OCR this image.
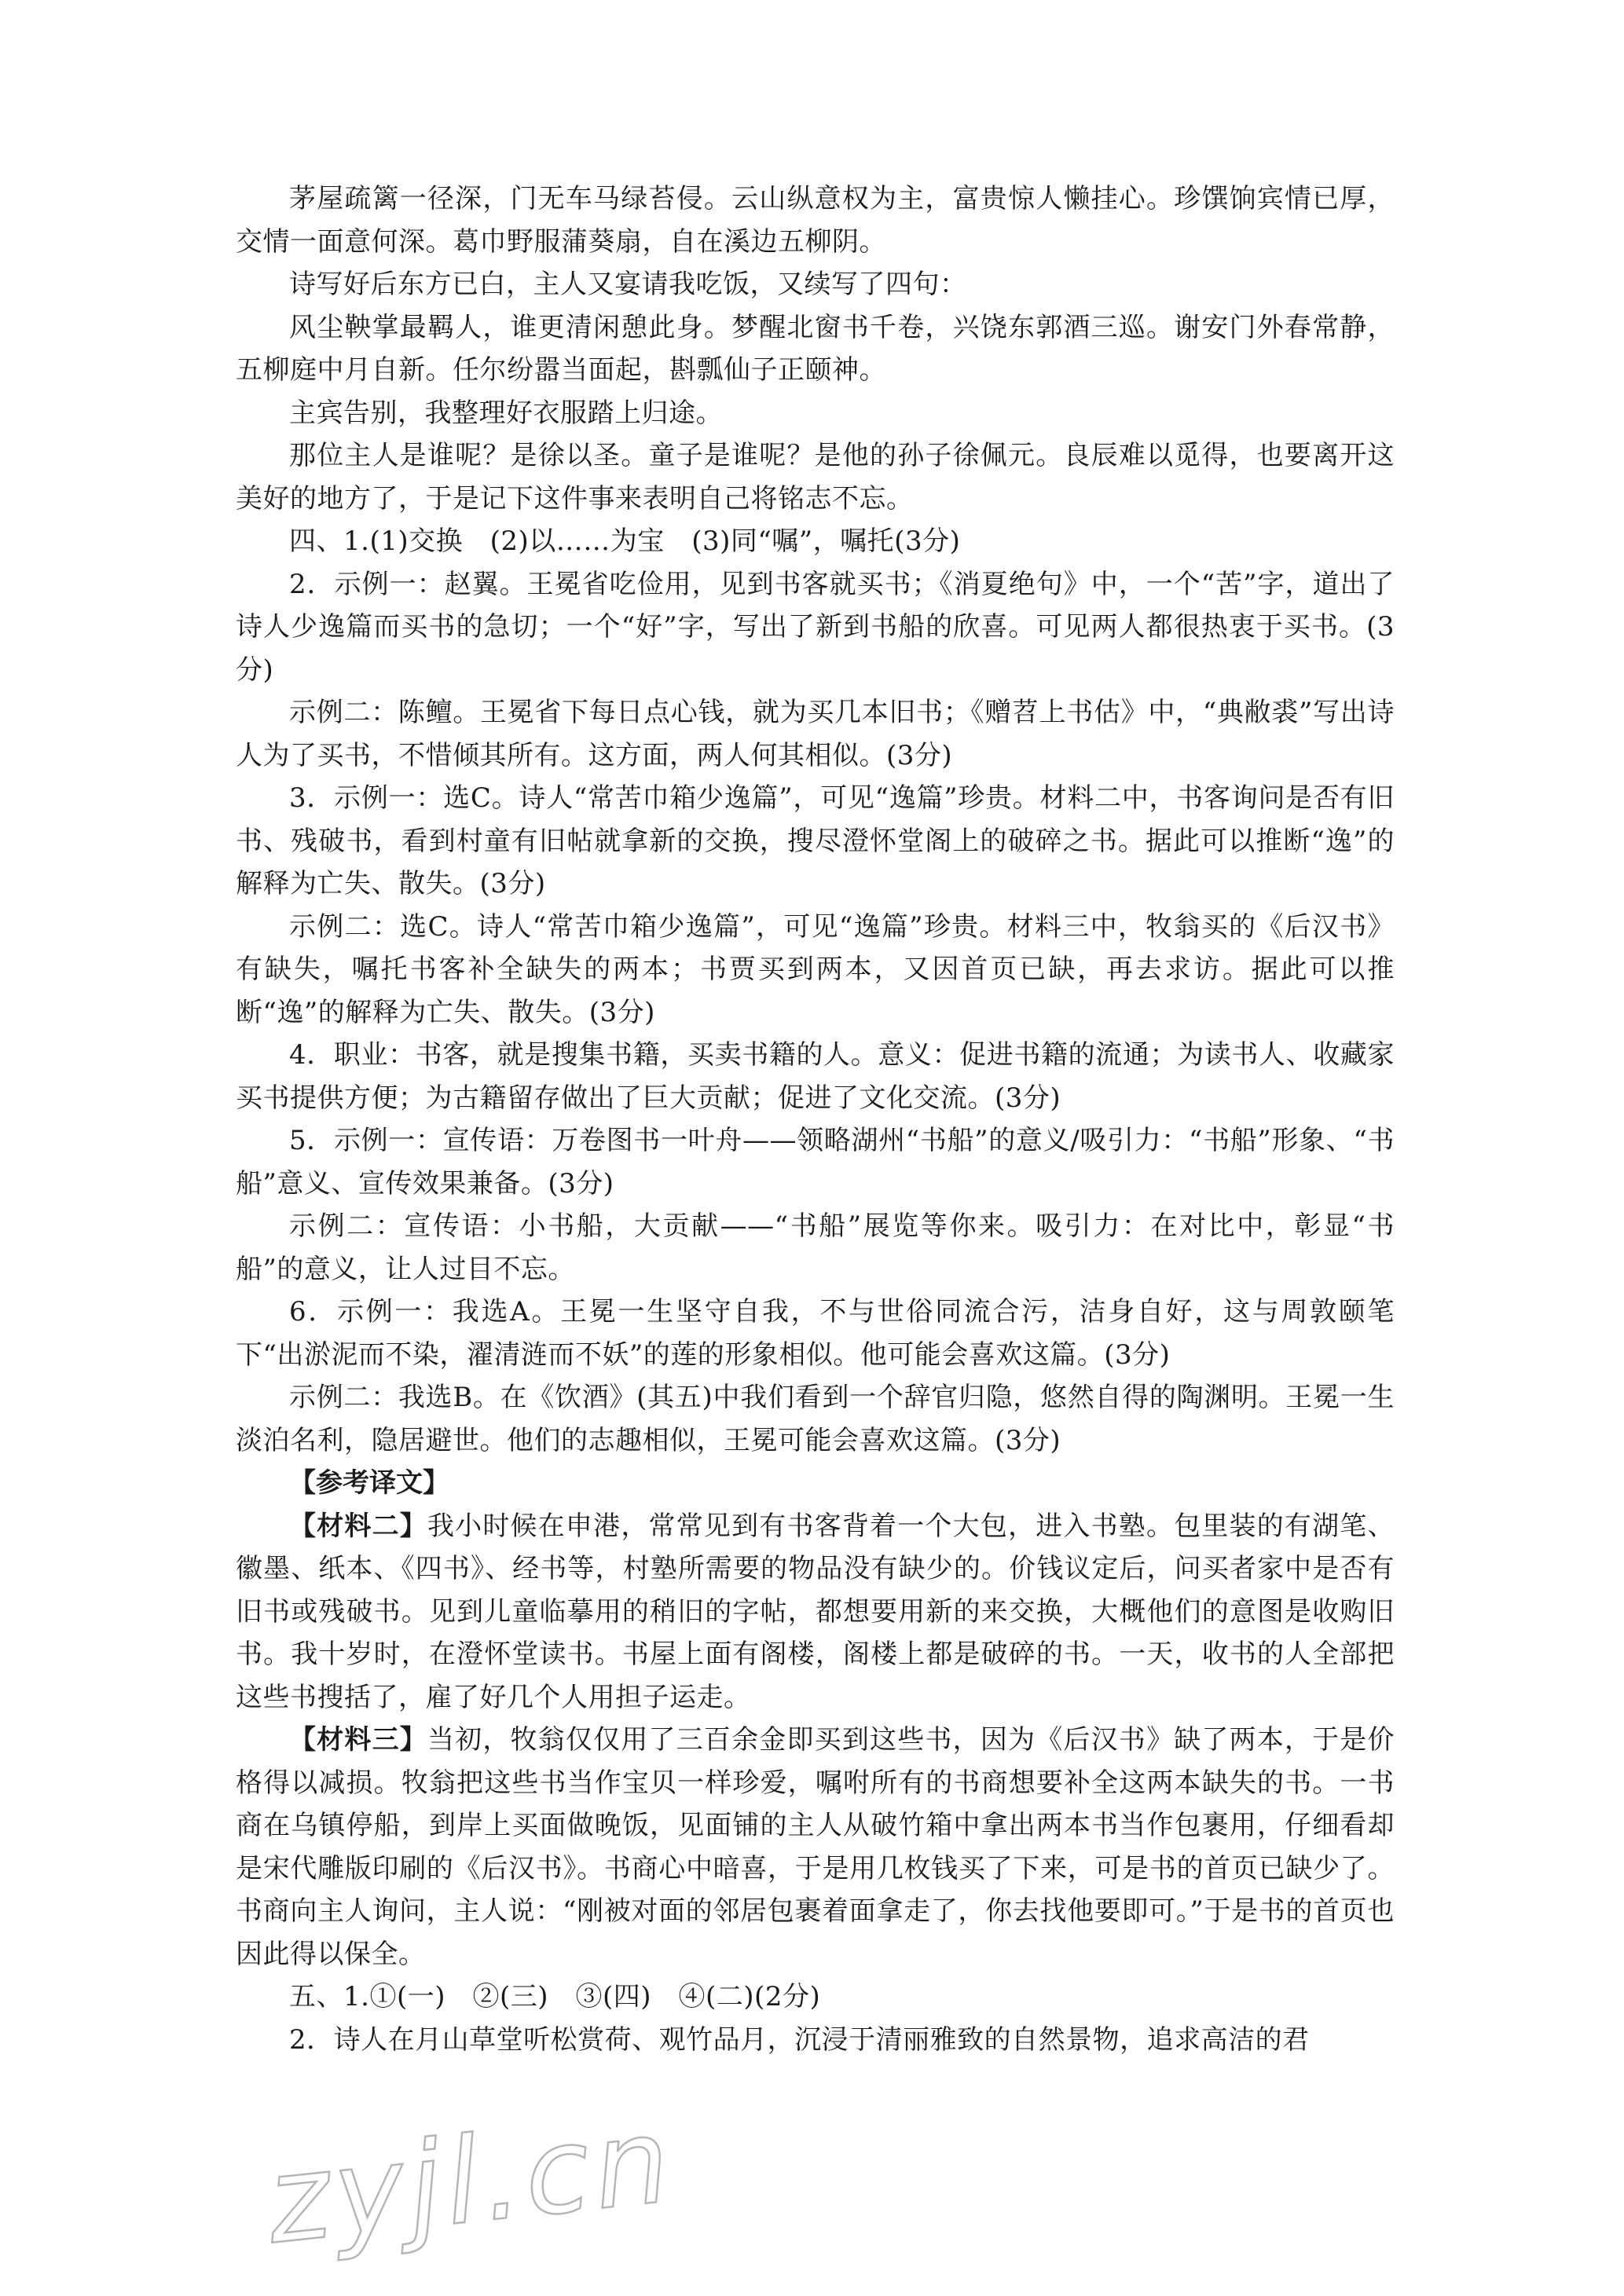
茅屋疏篱一径深，门无车马绿苔侵。云山纵意权为主，富贵惊人懒挂心。珍馔饷宾情已厚，交情一面意何深。葛巾野服蒲葵扇，自在溪边五柳阴。

诗写好后东方已白，主人又宴请我吃饭，又续写了四句：

风尘鞅掌最羁人，谁更清闲憩此身。梦醒北窗书千卷，兴饶东郭酒三巡。谢安门外春常静，五柳庭中月自新。任尔纷嚣当面起，斟瓢仙子正颐神。

主宾告别，我整理好衣服踏上归途。

那位主人是谁呢？是徐以圣。童子是谁呢？是他的孙子徐佩元。良辰难以觅得，也要离开这美好的地方了，于是记下这件事来表明自己将铭志不忘。

四、1.(1)交换　(2)以……为宝　(3)同“嘱”，嘱托(3分)

2．示例一：赵翼。王冕省吃俭用，见到书客就买书；《消夏绝句》中，一个“苦”字，道出了诗人少逸篇而买书的急切；一个“好”字，写出了新到书船的欣喜。可见两人都很热衷于买书。(3分)

示例二：陈鳣。王冕省下每日点心钱，就为买几本旧书；《赠苕上书估》中，“典敝裘”写出诗人为了买书，不惜倾其所有。这方面，两人何其相似。(3分)

3．示例一：选C。诗人“常苦巾箱少逸篇”，可见“逸篇”珍贵。材料二中，书客询问是否有旧书、残破书，看到村童有旧帖就拿新的交换，搜尽澄怀堂阁上的破碎之书。据此可以推断“逸”的解释为亡失、散失。(3分)

示例二：选C。诗人“常苦巾箱少逸篇”，可见“逸篇”珍贵。材料三中，牧翁买的《后汉书》有缺失，嘱托书客补全缺失的两本；书贾买到两本，又因首页已缺，再去求访。据此可以推断“逸”的解释为亡失、散失。(3分)

4．职业：书客，就是搜集书籍，买卖书籍的人。意义：促进书籍的流通；为读书人、收藏家买书提供方便；为古籍留存做出了巨大贡献；促进了文化交流。(3分)

5．示例一：宣传语：万卷图书一叶舟——领略湖州“书船”的意义/吸引力：“书船”形象、“书船”意义、宣传效果兼备。(3分)

示例二：宣传语：小书船，大贡献——“书船”展览等你来。吸引力：在对比中，彰显“书船”的意义，让人过目不忘。

6．示例一：我选A。王冕一生坚守自我，不与世俗同流合污，洁身自好，这与周敦颐笔下“出淤泥而不染，濯清涟而不妖”的莲的形象相似。他可能会喜欢这篇。(3分)

示例二：我选B。在《饮酒》(其五)中我们看到一个辞官归隐，悠然自得的陶渊明。王冕一生淡泊名利，隐居避世。他们的志趣相似，王冕可能会喜欢这篇。(3分)

【参考译文】

【材料二】我小时候在申港，常常见到有书客背着一个大包，进入书塾。包里装的有湖笔、徽墨、纸本、《四书》、经书等，村塾所需要的物品没有缺少的。价钱议定后，问买者家中是否有旧书或残破书。见到儿童临摹用的稍旧的字帖，都想要用新的来交换，大概他们的意图是收购旧书。我十岁时，在澄怀堂读书。书屋上面有阁楼，阁楼上都是破碎的书。一天，收书的人全部把这些书搜括了，雇了好几个人用担子运走。

【材料三】当初，牧翁仅仅用了三百余金即买到这些书，因为《后汉书》缺了两本，于是价格得以减损。牧翁把这些书当作宝贝一样珍爱，嘱咐所有的书商想要补全这两本缺失的书。一书商在乌镇停船，到岸上买面做晚饭，见面铺的主人从破竹箱中拿出两本书当作包裹用，仔细看却是宋代雕版印刷的《后汉书》。书商心中暗喜，于是用几枚钱买了下来，可是书的首页已缺少了。书商向主人询问，主人说：“刚被对面的邻居包裹着面拿走了，你去找他要即可。”于是书的首页也因此得以保全。

五、1.①(一)　②(三)　③(四)　④(二)(2分)

2．诗人在月山草堂听松赏荷、观竹品月，沉浸于清丽雅致的自然景物，追求高洁的君

zyjl.cn
